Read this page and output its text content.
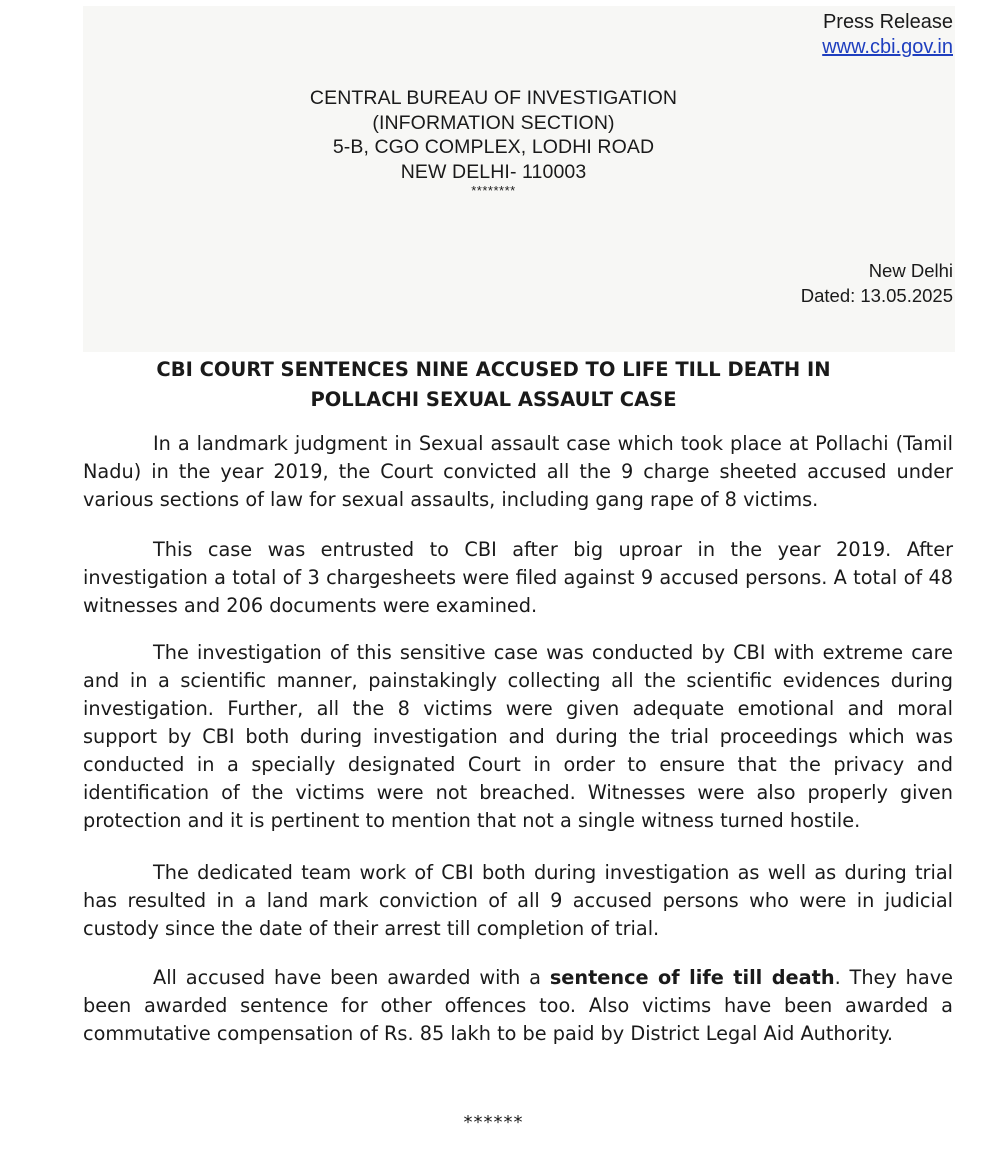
Press Release
www.cbi.gov.in
CENTRAL BUREAU OF INVESTIGATION
(INFORMATION SECTION)
5-B, CGO COMPLEX, LODHI ROAD
NEW DELHI- 110003
********
New Delhi
Dated: 13.05.2025
CBI COURT SENTENCES NINE ACCUSED TO LIFE TILL DEATH IN
POLLACHI SEXUAL ASSAULT CASE

In a landmark judgment in Sexual assault case which took place at Pollachi (Tamil Nadu) in the year 2019, the Court convicted all the 9 charge sheeted accused under various sections of law for sexual assaults, including gang rape of 8 victims.

This case was entrusted to CBI after big uproar in the year 2019. After investigation a total of 3 chargesheets were filed against 9 accused persons. A total of 48 witnesses and 206 documents were examined.

The investigation of this sensitive case was conducted by CBI with extreme care and in a scientific manner, painstakingly collecting all the scientific evidences during investigation. Further, all the 8 victims were given adequate emotional and moral support by CBI both during investigation and during the trial proceedings which was conducted in a specially designated Court in order to ensure that the privacy and identification of the victims were not breached. Witnesses were also properly given protection and it is pertinent to mention that not a single witness turned hostile.

The dedicated team work of CBI both during investigation as well as during trial has resulted in a land mark conviction of all 9 accused persons who were in judicial custody since the date of their arrest till completion of trial.

All accused have been awarded with a sentence of life till death. They have been awarded sentence for other offences too. Also victims have been awarded a commutative compensation of Rs. 85 lakh to be paid by District Legal Aid Authority.

******
